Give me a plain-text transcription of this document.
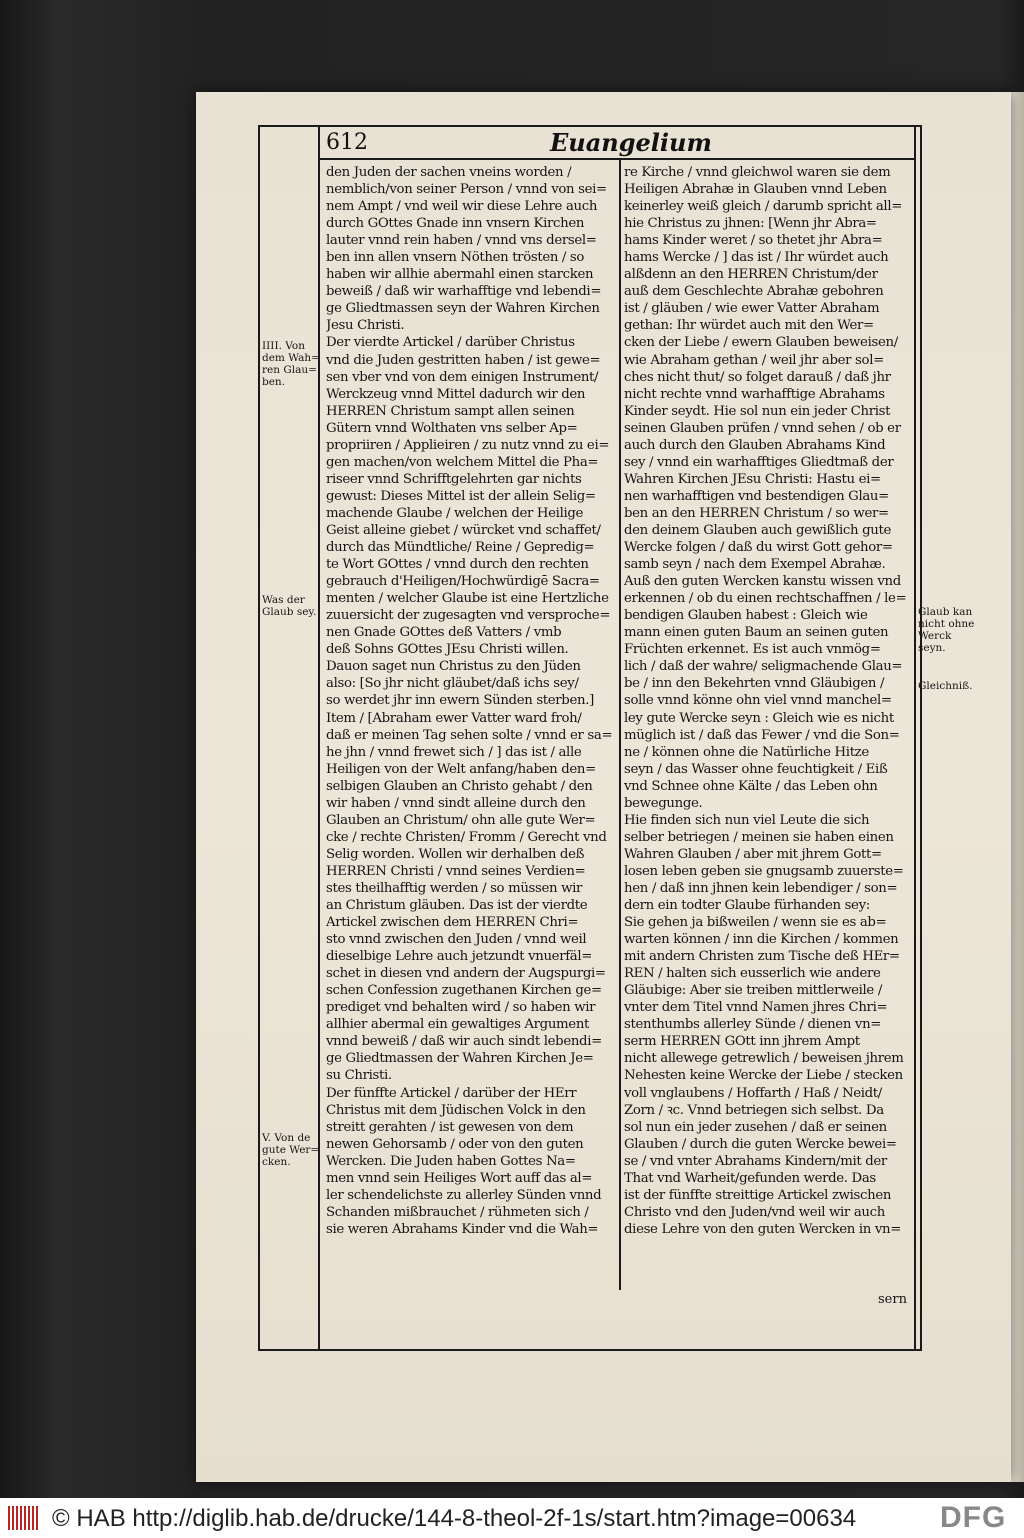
612	Euangelium
IIII. Von
dem Wah=
ren Glau=
ben.
Was der
Glaub sey.
V. Von de
gute Wer=
cken.
Glaub kan
nicht ohne
Werck
seyn.
Gleichniß.
den Juden der sachen vneins worden /
nemblich/von seiner Person / vnnd von sei=
nem Ampt / vnd weil wir diese Lehre auch
durch GOttes Gnade inn vnsern Kirchen
lauter vnnd rein haben / vnnd vns dersel=
ben inn allen vnsern Nöthen trösten / so
haben wir allhie abermahl einen starcken
beweiß / daß wir warhafftige vnd lebendi=
ge Gliedtmassen seyn der Wahren Kirchen
Jesu Christi.
Der vierdte Artickel / darüber Christus
vnd die Juden gestritten haben / ist gewe=
sen vber vnd von dem einigen Instrument/
Werckzeug vnnd Mittel dadurch wir den
HERREN Christum sampt allen seinen
Gütern vnnd Wolthaten vns selber Ap=
propriiren / Applieiren / zu nutz vnnd zu ei=
gen machen/von welchem Mittel die Pha=
riseer vnnd Schrifftgelehrten gar nichts
gewust: Dieses Mittel ist der allein Selig=
machende Glaube / welchen der Heilige
Geist alleine giebet / würcket vnd schaffet/
durch das Mündtliche/ Reine / Gepredig=
te Wort GOttes / vnnd durch den rechten
gebrauch d'Heiligen/Hochwürdigē Sacra=
menten / welcher Glaube ist eine Hertzliche
zuuersicht der zugesagten vnd versproche=
nen Gnade GOttes deß Vatters / vmb
deß Sohns GOttes JEsu Christi willen.
Dauon saget nun Christus zu den Jüden
also: [So jhr nicht gläubet/daß ichs sey/
so werdet jhr inn ewern Sünden sterben.]
Item / [Abraham ewer Vatter ward froh/
daß er meinen Tag sehen solte / vnnd er sa=
he jhn / vnnd frewet sich / ] das ist / alle
Heiligen von der Welt anfang/haben den=
selbigen Glauben an Christo gehabt / den
wir haben / vnnd sindt alleine durch den
Glauben an Christum/ ohn alle gute Wer=
cke / rechte Christen/ Fromm / Gerecht vnd
Selig worden. Wollen wir derhalben deß
HERREN Christi / vnnd seines Verdien=
stes theilhafftig werden / so müssen wir
an Christum gläuben. Das ist der vierdte
Artickel zwischen dem HERREN Chri=
sto vnnd zwischen den Juden / vnnd weil
dieselbige Lehre auch jetzundt vnuerfäl=
schet in diesen vnd andern der Augspurgi=
schen Confession zugethanen Kirchen ge=
prediget vnd behalten wird / so haben wir
allhier abermal ein gewaltiges Argument
vnnd beweiß / daß wir auch sindt lebendi=
ge Gliedtmassen der Wahren Kirchen Je=
su Christi.
Der fünffte Artickel / darüber der HErr
Christus mit dem Jüdischen Volck in den
streitt gerahten / ist gewesen von dem
newen Gehorsamb / oder von den guten
Wercken. Die Juden haben Gottes Na=
men vnnd sein Heiliges Wort auff das al=
ler schendelichste zu allerley Sünden vnnd
Schanden mißbrauchet / rühmeten sich /
sie weren Abrahams Kinder vnd die Wah=
re Kirche / vnnd gleichwol waren sie dem
Heiligen Abrahæ in Glauben vnnd Leben
keinerley weiß gleich / darumb spricht all=
hie Christus zu jhnen: [Wenn jhr Abra=
hams Kinder weret / so thetet jhr Abra=
hams Wercke / ] das ist / Ihr würdet auch
alßdenn an den HERREN Christum/der
auß dem Geschlechte Abrahæ gebohren
ist / gläuben / wie ewer Vatter Abraham
gethan: Ihr würdet auch mit den Wer=
cken der Liebe / ewern Glauben beweisen/
wie Abraham gethan / weil jhr aber sol=
ches nicht thut/ so folget darauß / daß jhr
nicht rechte vnnd warhafftige Abrahams
Kinder seydt. Hie sol nun ein jeder Christ
seinen Glauben prüfen / vnnd sehen / ob er
auch durch den Glauben Abrahams Kind
sey / vnnd ein warhafftiges Gliedtmaß der
Wahren Kirchen JEsu Christi: Hastu ei=
nen warhafftigen vnd bestendigen Glau=
ben an den HERREN Christum / so wer=
den deinem Glauben auch gewißlich gute
Wercke folgen / daß du wirst Gott gehor=
samb seyn / nach dem Exempel Abrahæ.
Auß den guten Wercken kanstu wissen vnd
erkennen / ob du einen rechtschaffnen / le=
bendigen Glauben habest : Gleich wie
mann einen guten Baum an seinen guten
Früchten erkennet. Es ist auch vnmög=
lich / daß der wahre/ seligmachende Glau=
be / inn den Bekehrten vnnd Gläubigen /
solle vnnd könne ohn viel vnnd manchel=
ley gute Wercke seyn : Gleich wie es nicht
müglich ist / daß das Fewer / vnd die Son=
ne / können ohne die Natürliche Hitze
seyn / das Wasser ohne feuchtigkeit / Eiß
vnd Schnee ohne Kälte / das Leben ohn
bewegunge.
Hie finden sich nun viel Leute die sich
selber betriegen / meinen sie haben einen
Wahren Glauben / aber mit jhrem Gott=
losen leben geben sie gnugsamb zuuerste=
hen / daß inn jhnen kein lebendiger / son=
dern ein todter Glaube fürhanden sey:
Sie gehen ja bißweilen / wenn sie es ab=
warten können / inn die Kirchen / kommen
mit andern Christen zum Tische deß HEr=
REN / halten sich eusserlich wie andere
Gläubige: Aber sie treiben mittlerweile /
vnter dem Titel vnnd Namen jhres Chri=
stenthumbs allerley Sünde / dienen vn=
serm HERREN GOtt inn jhrem Ampt
nicht allewege getrewlich / beweisen jhrem
Nehesten keine Wercke der Liebe / stecken
voll vnglaubens / Hoffarth / Haß / Neidt/
Zorn / ꝛc. Vnnd betriegen sich selbst. Da
sol nun ein jeder zusehen / daß er seinen
Glauben / durch die guten Wercke bewei=
se / vnd vnter Abrahams Kindern/mit der
That vnd Warheit/gefunden werde. Das
ist der fünffte streittige Artickel zwischen
Christo vnd den Juden/vnd weil wir auch
diese Lehre von den guten Wercken in vn=
sern
© HAB http://diglib.hab.de/drucke/144-8-theol-2f-1s/start.htm?image=00634	DFG
